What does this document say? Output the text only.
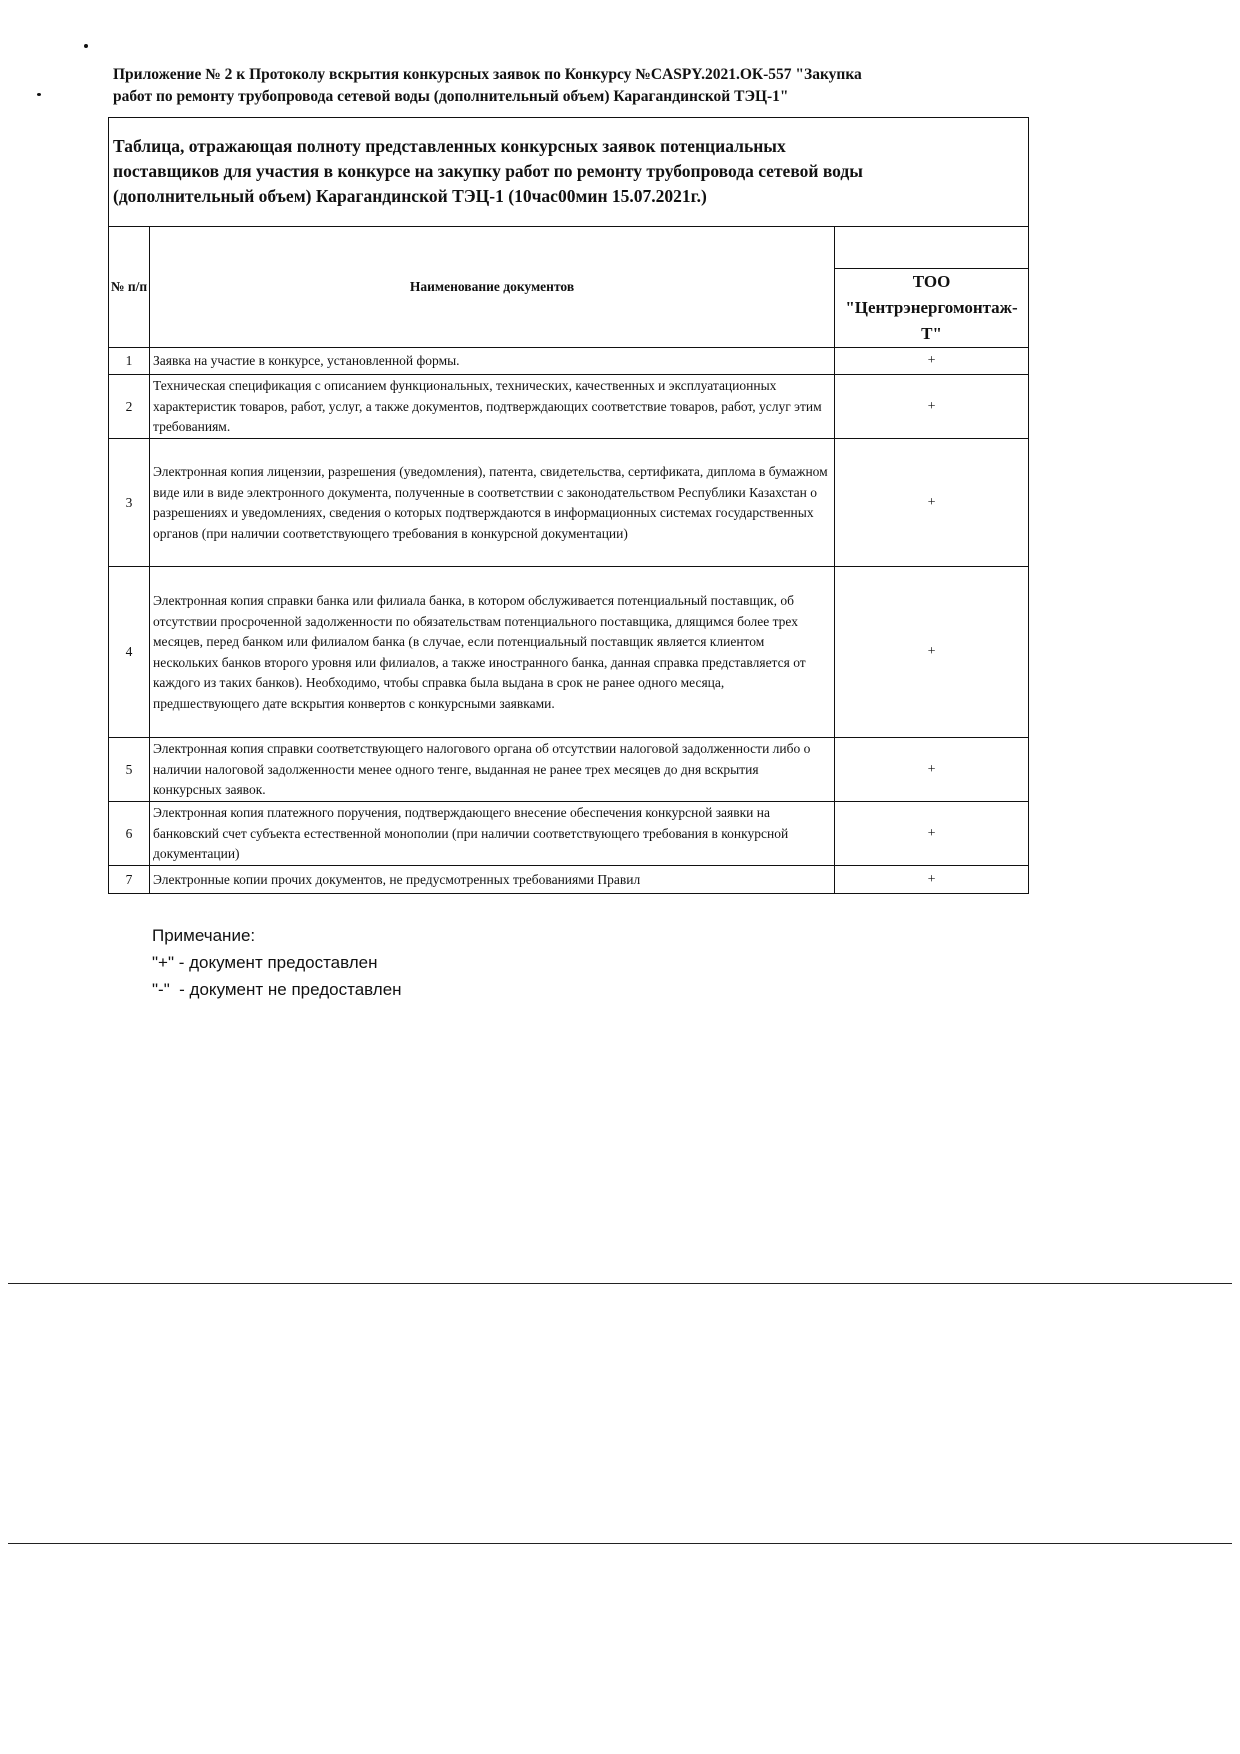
Приложение № 2 к Протоколу вскрытия конкурсных заявок по Конкурсу №CASPY.2021.ОК-557 "Закупка
работ по ремонту трубопровода сетевой воды (дополнительный объем) Карагандинской ТЭЦ-1"
Таблица, отражающая полноту представленных конкурсных заявок потенциальных
поставщиков для участия в конкурсе на закупку работ по ремонту трубопровода сетевой воды
(дополнительный объем) Карагандинской ТЭЦ-1 (10час00мин 15.07.2021г.)		

№ п/п	Наименование документов	
		ТОО "Центрэнергомонтаж-Т"
1	Заявка на участие в конкурсе, установленной формы.	+
2	Техническая спецификация с описанием функциональных, технических, качественных и эксплуатационных характеристик товаров, работ, услуг, а также документов, подтверждающих соответствие товаров, работ, услуг этим требованиям.	+
3	Электронная копия лицензии, разрешения (уведомления), патента, свидетельства, сертификата, диплома в бумажном виде или в виде электронного документа, полученные в соответствии с законодательством Республики Казахстан о разрешениях и уведомлениях, сведения о которых подтверждаются в информационных системах государственных органов (при наличии соответствующего требования в конкурсной документации)	+
4	Электронная копия справки банка или филиала банка, в котором обслуживается потенциальный поставщик, об отсутствии просроченной задолженности по обязательствам потенциального поставщика, длящимся более трех месяцев, перед банком или филиалом банка (в случае, если потенциальный поставщик является клиентом нескольких банков второго уровня или филиалов, а также иностранного банка, данная справка представляется от каждого из таких банков). Необходимо, чтобы справка была выдана в срок не ранее одного месяца, предшествующего дате вскрытия конвертов с конкурсными заявками.	+
5	Электронная копия справки соответствующего налогового органа об отсутствии налоговой задолженности либо о наличии налоговой задолженности менее одного тенге, выданная не ранее трех месяцев до дня вскрытия конкурсных заявок.	+
6	Электронная копия платежного поручения, подтверждающего внесение обеспечения конкурсной заявки на банковский счет субъекта естественной монополии (при наличии соответствующего требования в конкурсной документации)	+
7	Электронные копии прочих документов, не предусмотренных требованиями Правил	+
Примечание:
"+" - документ предоставлен
"-"  - документ не предоставлен
